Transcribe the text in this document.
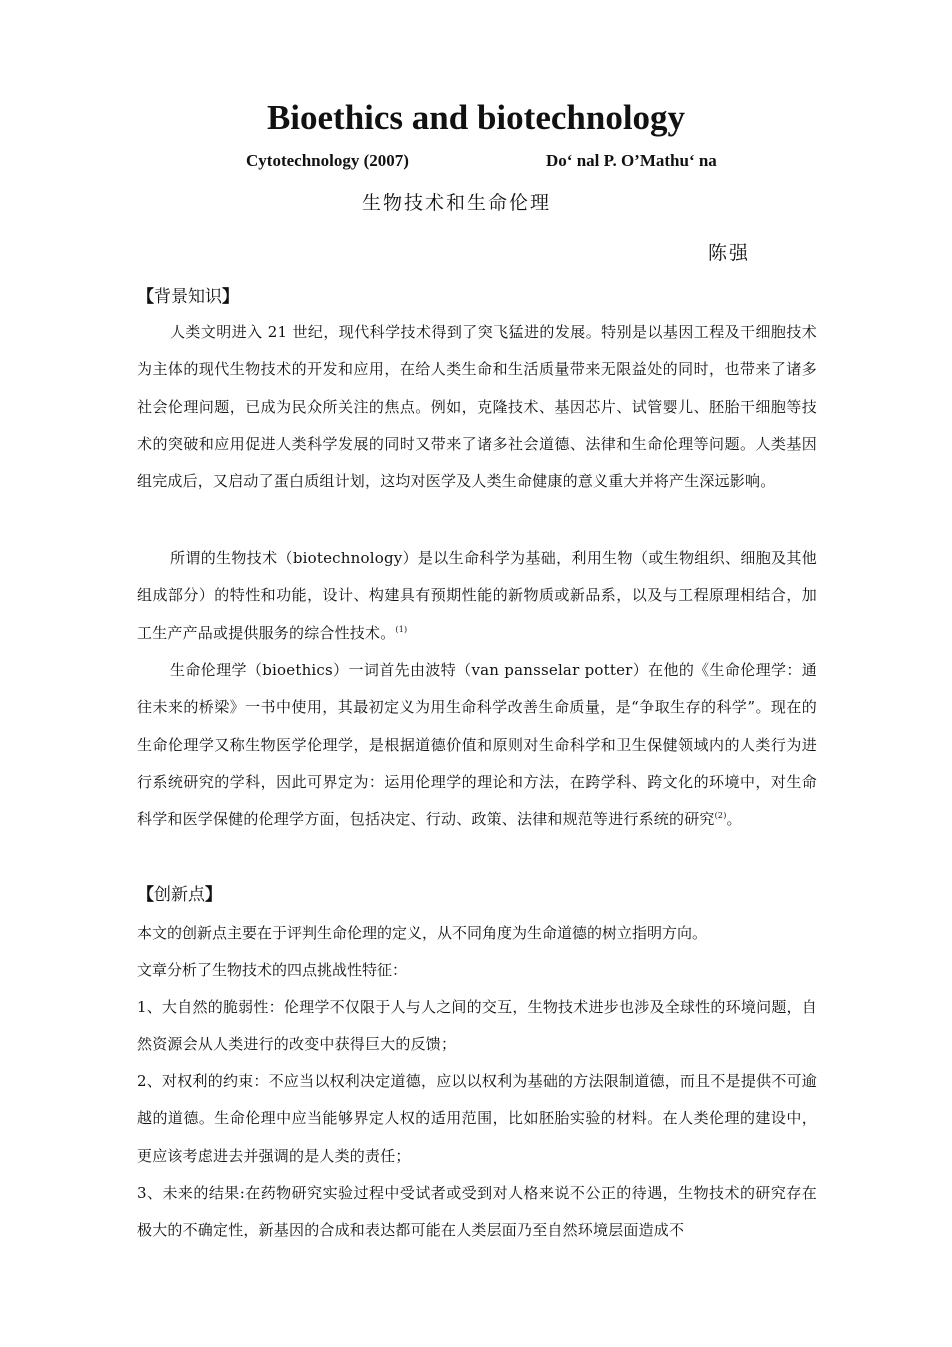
Bioethics and biotechnology
Cytotechnology (2007)	Do‘ nal P. O’Mathu‘ na
生物技术和生命伦理
陈强
【背景知识】
人类文明进入 21 世纪，现代科学技术得到了突飞猛进的发展。特别是以基因工程及干细胞技术为主体的现代生物技术的开发和应用，在给人类生命和生活质量带来无限益处的同时，也带来了诸多社会伦理问题，已成为民众所关注的焦点。例如，克隆技术、基因芯片、试管婴儿、胚胎干细胞等技术的突破和应用促进人类科学发展的同时又带来了诸多社会道德、法律和生命伦理等问题。人类基因组完成后，又启动了蛋白质组计划，这均对医学及人类生命健康的意义重大并将产生深远影响。
所谓的生物技术（biotechnology）是以生命科学为基础，利用生物（或生物组织、细胞及其他组成部分）的特性和功能，设计、构建具有预期性能的新物质或新品系，以及与工程原理相结合，加工生产产品或提供服务的综合性技术。$^{(1)}$
生命伦理学（bioethics）一词首先由波特（van pansselar potter）在他的《生命伦理学：通往未来的桥梁》一书中使用，其最初定义为用生命科学改善生命质量，是“争取生存的科学”。现在的生命伦理学又称生物医学伦理学，是根据道德价值和原则对生命科学和卫生保健领域内的人类行为进行系统研究的学科，因此可界定为：运用伦理学的理论和方法，在跨学科、跨文化的环境中，对生命科学和医学保健的伦理学方面，包括决定、行动、政策、法律和规范等进行系统的研究$^{(2)}$。
【创新点】
本文的创新点主要在于评判生命伦理的定义，从不同角度为生命道德的树立指明方向。
文章分析了生物技术的四点挑战性特征：
1、大自然的脆弱性：伦理学不仅限于人与人之间的交互，生物技术进步也涉及全球性的环境问题，自然资源会从人类进行的改变中获得巨大的反馈；
2、对权利的约束：不应当以权利决定道德，应以以权利为基础的方法限制道德，而且不是提供不可逾越的道德。生命伦理中应当能够界定人权的适用范围，比如胚胎实验的材料。在人类伦理的建设中，更应该考虑进去并强调的是人类的责任；
3、未来的结果:在药物研究实验过程中受试者或受到对人格来说不公正的待遇，生物技术的研究存在极大的不确定性，新基因的合成和表达都可能在人类层面乃至自然环境层面造成不
